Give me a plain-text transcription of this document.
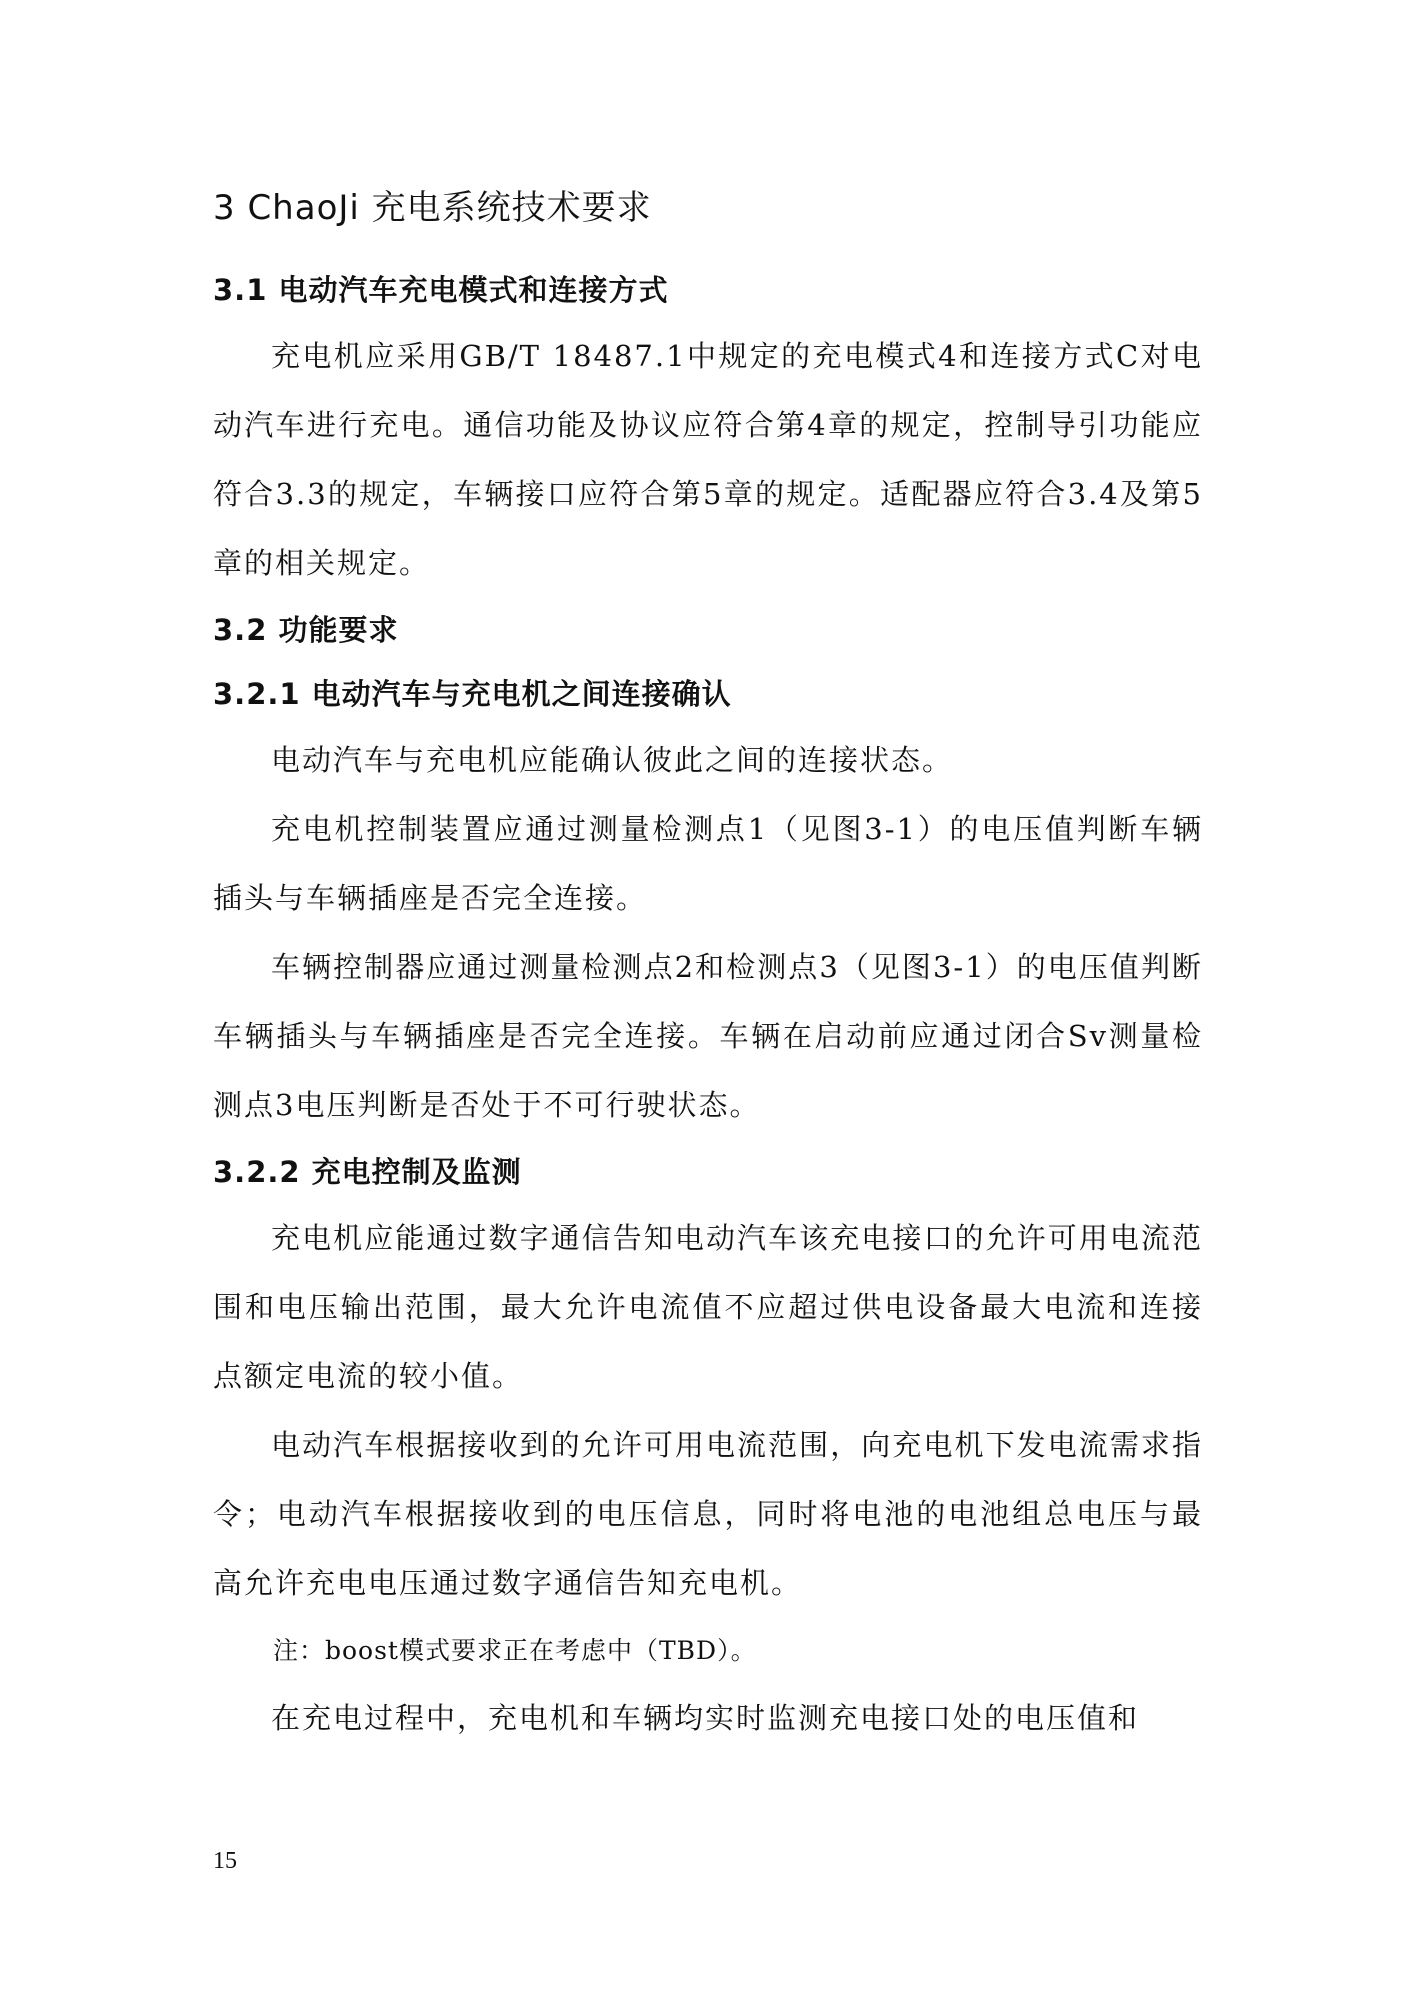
3 ChaoJi 充电系统技术要求
3.1 电动汽车充电模式和连接方式

充电机应采用GB/T 18487.1中规定的充电模式4和连接方式C对电动汽车进行充电。通信功能及协议应符合第4章的规定，控制导引功能应符合3.3的规定，车辆接口应符合第5章的规定。适配器应符合3.4及第5章的相关规定。

3.2 功能要求
3.2.1 电动汽车与充电机之间连接确认

电动汽车与充电机应能确认彼此之间的连接状态。

充电机控制装置应通过测量检测点1（见图3-1）的电压值判断车辆插头与车辆插座是否完全连接。

车辆控制器应通过测量检测点2和检测点3（见图3-1）的电压值判断车辆插头与车辆插座是否完全连接。车辆在启动前应通过闭合Sv测量检测点3电压判断是否处于不可行驶状态。

3.2.2 充电控制及监测

充电机应能通过数字通信告知电动汽车该充电接口的允许可用电流范围和电压输出范围，最大允许电流值不应超过供电设备最大电流和连接点额定电流的较小值。

电动汽车根据接收到的允许可用电流范围，向充电机下发电流需求指令；电动汽车根据接收到的电压信息，同时将电池的电池组总电压与最高允许充电电压通过数字通信告知充电机。

注：boost模式要求正在考虑中（TBD）。

在充电过程中，充电机和车辆均实时监测充电接口处的电压值和

15
